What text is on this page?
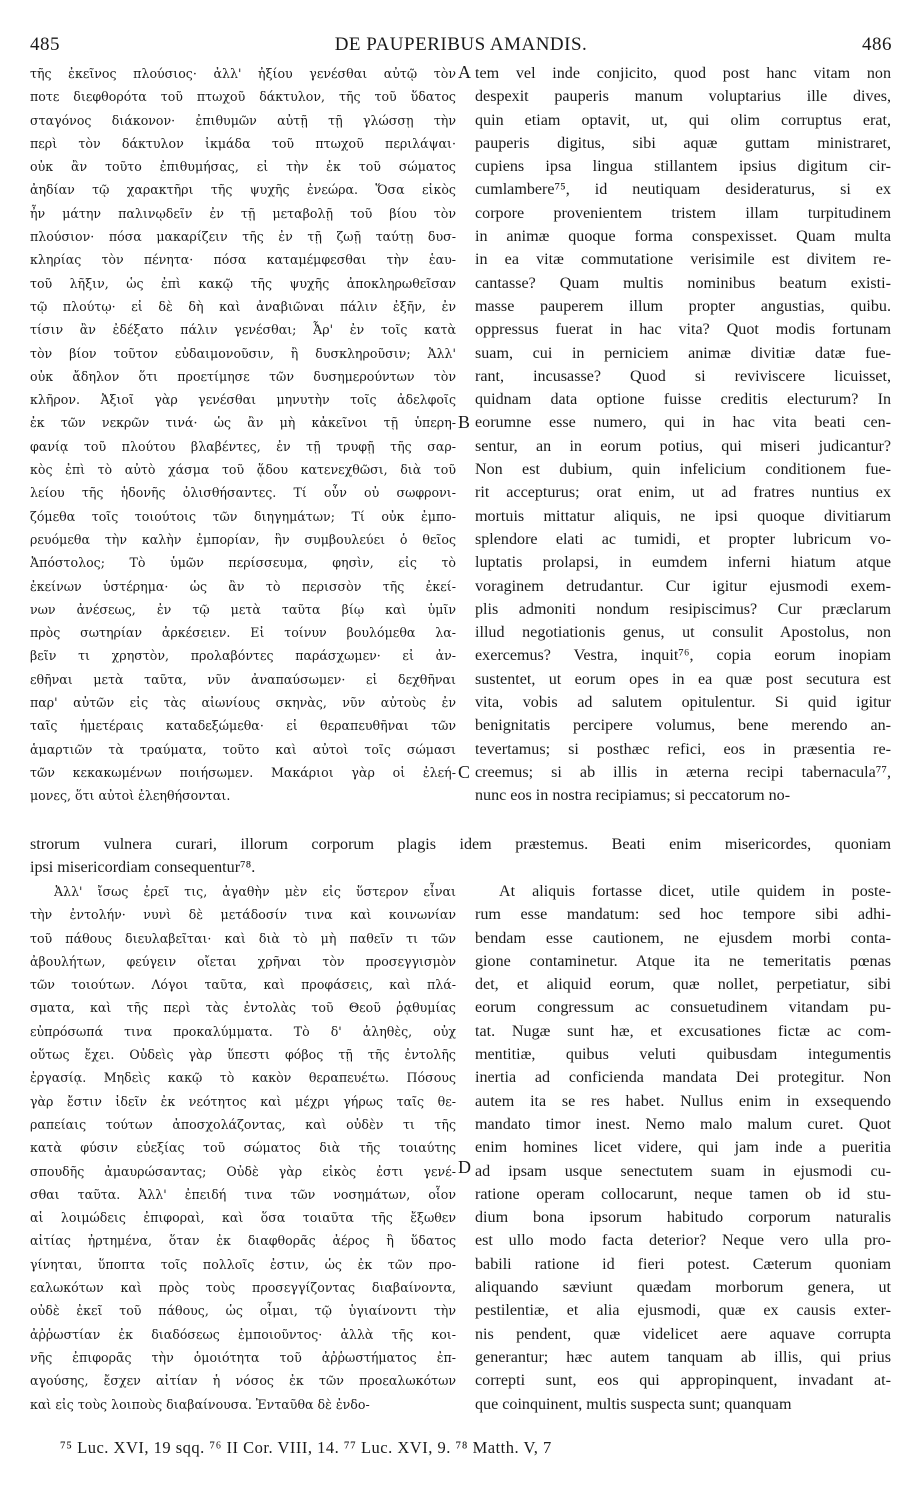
485	DE PAUPERIBUS AMANDIS.	486
τῆς ἐκεῖνος πλούσιος· ἀλλ' ἠξίου γενέσθαι αὐτῷ τὸν
ποτε διεφθορότα τοῦ πτωχοῦ δάκτυλον, τῆς τοῦ ὕδατος
σταγόνος διάκονον· ἐπιθυμῶν αὐτῇ τῇ γλώσσῃ τὴν
περὶ τὸν δάκτυλον ἰκμάδα τοῦ πτωχοῦ περιλάψαι·
οὐκ ἂν τοῦτο ἐπιθυμήσας, εἰ τὴν ἐκ τοῦ σώματος
ἀηδίαν τῷ χαρακτῆρι τῆς ψυχῆς ἐνεώρα. Ὅσα εἰκὸς
ἦν μάτην παλινῳδεῖν ἐν τῇ μεταβολῇ τοῦ βίου τὸν
πλούσιον· πόσα μακαρίζειν τῆς ἐν τῇ ζωῇ ταύτῃ δυσ-
κληρίας τὸν πένητα· πόσα καταμέμφεσθαι τὴν ἑαυ-
τοῦ λῆξιν, ὡς ἐπὶ κακῷ τῆς ψυχῆς ἀποκληρωθεῖσαν
τῷ πλούτῳ· εἰ δὲ δὴ καὶ ἀναβιῶναι πάλιν ἐξῆν, ἐν
τίσιν ἂν ἐδέξατο πάλιν γενέσθαι; Ἆρ' ἐν τοῖς κατὰ
τὸν βίον τοῦτον εὐδαιμονοῦσιν, ἢ δυσκληροῦσιν; Ἀλλ'
οὐκ ἄδηλον ὅτι προετίμησε τῶν δυσημερούντων τὸν
κλῆρον. Ἀξιοῖ γὰρ γενέσθαι μηνυτὴν τοῖς ἀδελφοῖς
ἐκ τῶν νεκρῶν τινά· ὡς ἂν μὴ κἀκεῖνοι τῇ ὑπερη-
φανίᾳ τοῦ πλούτου βλαβέντες, ἐν τῇ τρυφῇ τῆς σαρ-
κὸς ἐπὶ τὸ αὐτὸ χάσμα τοῦ ᾅδου κατενεχθῶσι, διὰ τοῦ
λείου τῆς ἡδονῆς ὀλισθήσαντες. Τί οὖν οὐ σωφρονι-
ζόμεθα τοῖς τοιούτοις τῶν διηγημάτων; Τί οὐκ ἐμπο-
ρευόμεθα τὴν καλὴν ἐμπορίαν, ἣν συμβουλεύει ὁ θεῖος
Ἀπόστολος; Τὸ ὑμῶν περίσσευμα, φησὶν, εἰς τὸ
ἐκείνων ὑστέρημα· ὡς ἂν τὸ περισσὸν τῆς ἐκεί-
νων ἀνέσεως, ἐν τῷ μετὰ ταῦτα βίῳ καὶ ὑμῖν
πρὸς σωτηρίαν ἀρκέσειεν. Εἰ τοίνυν βουλόμεθα λα-
βεῖν τι χρηστὸν, προλαβόντες παράσχωμεν· εἰ ἀν-
εθῆναι μετὰ ταῦτα, νῦν ἀναπαύσωμεν· εἰ δεχθῆναι
παρ' αὐτῶν εἰς τὰς αἰωνίους σκηνὰς, νῦν αὐτοὺς ἐν
ταῖς ἡμετέραις καταδεξώμεθα· εἰ θεραπευθῆναι τῶν
ἁμαρτιῶν τὰ τραύματα, τοῦτο καὶ αὐτοὶ τοῖς σώμασι
τῶν κεκακωμένων ποιήσωμεν. Μακάριοι γὰρ οἱ ἐλεή-
μονες, ὅτι αὐτοὶ ἐλεηθήσονται.
tem vel inde conjicito, quod post hanc vitam non
despexit pauperis manum voluptarius ille dives,
quin etiam optavit, ut, qui olim corruptus erat,
pauperis digitus, sibi aquæ guttam ministraret,
cupiens ipsa lingua stillantem ipsius digitum cir-
cumlambere⁷⁵, id neutiquam desideraturus, si ex
corpore provenientem tristem illam turpitudinem
in animæ quoque forma conspexisset. Quam multa
in ea vitæ commutatione verisimile est divitem re-
cantasse? Quam multis nominibus beatum existi-
masse pauperem illum propter angustias, quibu.
oppressus fuerat in hac vita? Quot modis fortunam
suam, cui in perniciem animæ divitiæ datæ fue-
rant, incusasse? Quod si reviviscere licuisset,
quidnam data optione fuisse creditis electurum? In
eorumne esse numero, qui in hac vita beati cen-
sentur, an in eorum potius, qui miseri judicantur?
Non est dubium, quin infelicium conditionem fue-
rit accepturus; orat enim, ut ad fratres nuntius ex
mortuis mittatur aliquis, ne ipsi quoque divitiarum
splendore elati ac tumidi, et propter lubricum vo-
luptatis prolapsi, in eumdem inferni hiatum atque
voraginem detrudantur. Cur igitur ejusmodi exem-
plis admoniti nondum resipiscimus? Cur præclarum
illud negotiationis genus, ut consulit Apostolus, non
exercemus? Vestra, inquit⁷⁶, copia eorum inopiam
sustentet, ut eorum opes in ea quæ post secutura est
vita, vobis ad salutem opitulentur. Si quid igitur
benignitatis percipere volumus, bene merendo an-
tevertamus; si posthæc refici, eos in præsentia re-
creemus; si ab illis in æterna recipi tabernacula⁷⁷,
nunc eos in nostra recipiamus; si peccatorum no-
A
B
C
D
strorum vulnera curari, illorum corporum plagis idem præstemus. Beati enim misericordes, quoniam
ipsi misericordiam consequentur⁷⁸.
Ἀλλ' ἴσως ἐρεῖ τις, ἀγαθὴν μὲν εἰς ὕστερον εἶναι
τὴν ἐντολήν· νυνὶ δὲ μετάδοσίν τινα καὶ κοινωνίαν
τοῦ πάθους διευλαβεῖται· καὶ διὰ τὸ μὴ παθεῖν τι τῶν
ἀβουλήτων, φεύγειν οἴεται χρῆναι τὸν προσεγγισμὸν
τῶν τοιούτων. Λόγοι ταῦτα, καὶ προφάσεις, καὶ πλά-
σματα, καὶ τῆς περὶ τὰς ἐντολὰς τοῦ Θεοῦ ῥᾳθυμίας
εὐπρόσωπά τινα προκαλύμματα. Τὸ δ' ἀληθὲς, οὐχ
οὕτως ἔχει. Οὐδεὶς γὰρ ὕπεστι φόβος τῇ τῆς ἐντολῆς
ἐργασίᾳ. Μηδεὶς κακῷ τὸ κακὸν θεραπευέτω. Πόσους
γὰρ ἔστιν ἰδεῖν ἐκ νεότητος καὶ μέχρι γήρως ταῖς θε-
ραπείαις τούτων ἀποσχολάζοντας, καὶ οὐδὲν τι τῆς
κατὰ φύσιν εὐεξίας τοῦ σώματος διὰ τῆς τοιαύτης
σπουδῆς ἀμαυρώσαντας; Οὐδὲ γὰρ εἰκὸς ἐστι γενέ-
σθαι ταῦτα. Ἀλλ' ἐπειδή τινα τῶν νοσημάτων, οἷον
αἱ λοιμώδεις ἐπιφοραὶ, καὶ ὅσα τοιαῦτα τῆς ἔξωθεν
αἰτίας ἠρτημένα, ὅταν ἐκ διαφθορᾶς ἀέρος ἢ ὕδατος
γίνηται, ὕποπτα τοῖς πολλοῖς ἐστιν, ὡς ἐκ τῶν προ-
εαλωκότων καὶ πρὸς τοὺς προσεγγίζοντας διαβαίνοντα,
οὐδὲ ἐκεῖ τοῦ πάθους, ὡς οἶμαι, τῷ ὑγιαίνοντι τὴν
ἀῤῥωστίαν ἐκ διαδόσεως ἐμποιοῦντος· ἀλλὰ τῆς κοι-
νῆς ἐπιφορᾶς τὴν ὁμοιότητα τοῦ ἀῤῥωστήματος ἐπ-
αγούσης, ἔσχεν αἰτίαν ἡ νόσος ἐκ τῶν προεαλωκότων
καὶ εἰς τοὺς λοιποὺς διαβαίνουσα. Ἐνταῦθα δὲ ἐνδο-
At aliquis fortasse dicet, utile quidem in poste-
rum esse mandatum: sed hoc tempore sibi adhi-
bendam esse cautionem, ne ejusdem morbi conta-
gione contaminetur. Atque ita ne temeritatis pœnas
det, et aliquid eorum, quæ nollet, perpetiatur, sibi
eorum congressum ac consuetudinem vitandam pu-
tat. Nugæ sunt hæ, et excusationes fictæ ac com-
mentitiæ, quibus veluti quibusdam integumentis
inertia ad conficienda mandata Dei protegitur. Non
autem ita se res habet. Nullus enim in exsequendo
mandato timor inest. Nemo malo malum curet. Quot
enim homines licet videre, qui jam inde a pueritia
ad ipsam usque senectutem suam in ejusmodi cu-
ratione operam collocarunt, neque tamen ob id stu-
dium bona ipsorum habitudo corporum naturalis
est ullo modo facta deterior? Neque vero ulla pro-
babili ratione id fieri potest. Cæterum quoniam
aliquando sæviunt quædam morborum genera, ut
pestilentiæ, et alia ejusmodi, quæ ex causis exter-
nis pendent, quæ videlicet aere aquave corrupta
generantur; hæc autem tanquam ab illis, qui prius
correpti sunt, eos qui appropinquent, invadant at-
que coinquinent, multis suspecta sunt; quanquam
⁷⁵ Luc. XVI, 19 sqq. ⁷⁶ II Cor. VIII, 14. ⁷⁷ Luc. XVI, 9. ⁷⁸ Matth. V, 7
